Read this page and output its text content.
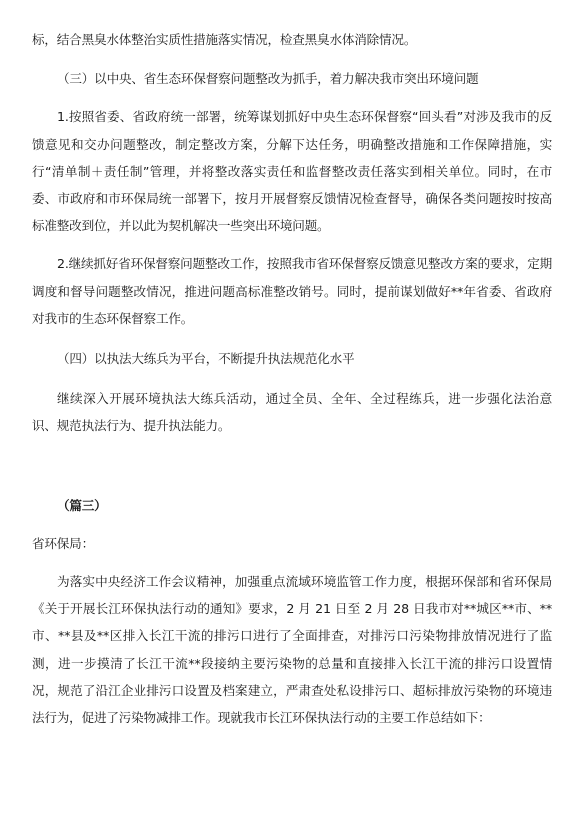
标，结合黑臭水体整治实质性措施落实情况，检查黑臭水体消除情况。

（三）以中央、省生态环保督察问题整改为抓手，着力解决我市突出环境问题

1.按照省委、省政府统一部署，统筹谋划抓好中央生态环保督察“回头看”对涉及我市的反馈意见和交办问题整改，制定整改方案，分解下达任务，明确整改措施和工作保障措施，实行“清单制＋责任制”管理，并将整改落实责任和监督整改责任落实到相关单位。同时，在市委、市政府和市环保局统一部署下，按月开展督察反馈情况检查督导，确保各类问题按时按高标准整改到位，并以此为契机解决一些突出环境问题。

2.继续抓好省环保督察问题整改工作，按照我市省环保督察反馈意见整改方案的要求，定期调度和督导问题整改情况，推进问题高标准整改销号。同时，提前谋划做好**年省委、省政府对我市的生态环保督察工作。

（四）以执法大练兵为平台，不断提升执法规范化水平

继续深入开展环境执法大练兵活动，通过全员、全年、全过程练兵，进一步强化法治意识、规范执法行为、提升执法能力。

（篇三）

省环保局：

为落实中央经济工作会议精神，加强重点流域环境监管工作力度，根据环保部和省环保局《关于开展长江环保执法行动的通知》要求，2 月 21 日至 2 月 28 日我市对**城区**市、**市、**县及**区排入长江干流的排污口进行了全面排查，对排污口污染物排放情况进行了监测，进一步摸清了长江干流**段接纳主要污染物的总量和直接排入长江干流的排污口设置情况，规范了沿江企业排污口设置及档案建立，严肃查处私设排污口、超标排放污染物的环境违法行为，促进了污染物减排工作。现就我市长江环保执法行动的主要工作总结如下：
